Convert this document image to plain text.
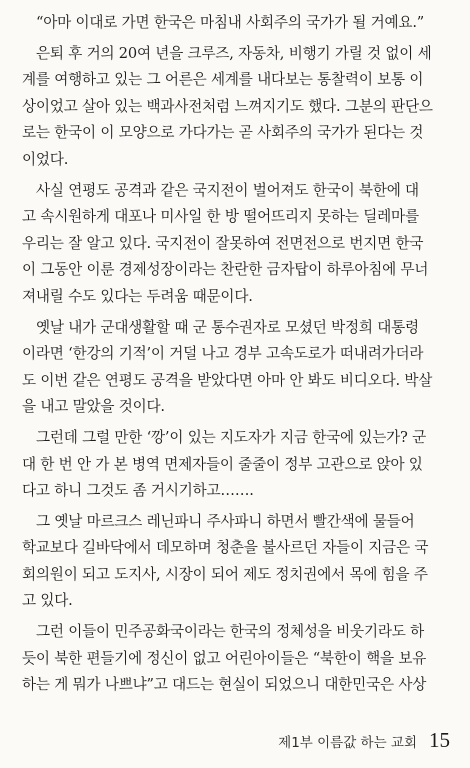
“아마 이대로 가면 한국은 마침내 사회주의 국가가 될 거예요.”
은퇴 후 거의 20여 년을 크루즈, 자동차, 비행기 가릴 것 없이 세
계를 여행하고 있는 그 어른은 세계를 내다보는 통찰력이 보통 이
상이었고 살아 있는 백과사전처럼 느껴지기도 했다. 그분의 판단으
로는 한국이 이 모양으로 가다가는 곧 사회주의 국가가 된다는 것
이었다.
사실 연평도 공격과 같은 국지전이 벌어져도 한국이 북한에 대
고 속시원하게 대포나 미사일 한 방 떨어뜨리지 못하는 딜레마를
우리는 잘 알고 있다. 국지전이 잘못하여 전면전으로 번지면 한국
이 그동안 이룬 경제성장이라는 찬란한 금자탑이 하루아침에 무너
져내릴 수도 있다는 두려움 때문이다.
옛날 내가 군대생활할 때 군 통수권자로 모셨던 박정희 대통령
이라면 ‘한강의 기적’이 거덜 나고 경부 고속도로가 떠내려가더라
도 이번 같은 연평도 공격을 받았다면 아마 안 봐도 비디오다. 박살
을 내고 말았을 것이다.
그런데 그럴 만한 ‘깡’이 있는 지도자가 지금 한국에 있는가? 군
대 한 번 안 가 본 병역 면제자들이 줄줄이 정부 고관으로 앉아 있
다고 하니 그것도 좀 거시기하고…….
그 옛날 마르크스 레닌파니 주사파니 하면서 빨간색에 물들어
학교보다 길바닥에서 데모하며 청춘을 불사르던 자들이 지금은 국
회의원이 되고 도지사, 시장이 되어 제도 정치권에서 목에 힘을 주
고 있다.
그런 이들이 민주공화국이라는 한국의 정체성을 비웃기라도 하
듯이 북한 편들기에 정신이 없고 어린아이들은 “북한이 핵을 보유
하는 게 뭐가 나쁘냐”고 대드는 현실이 되었으니 대한민국은 사상
제1부 이름값 하는 교회 15
